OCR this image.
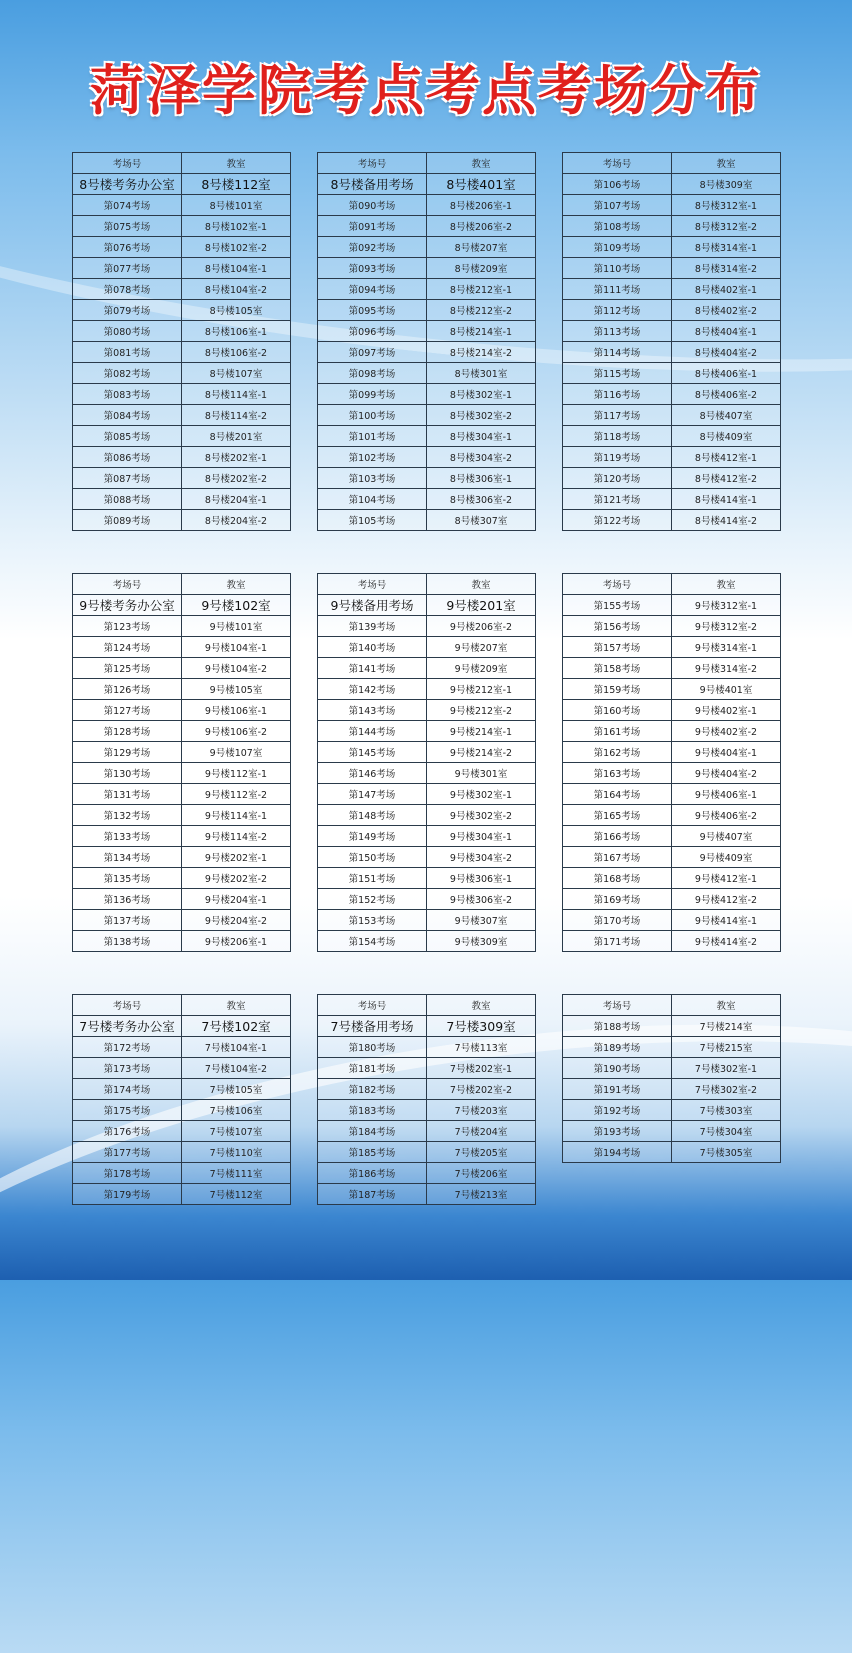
菏泽学院考点考点考场分布
考场号	教室
8号楼考务办公室	8号楼112室
第074考场	8号楼101室
第075考场	8号楼102室-1
第076考场	8号楼102室-2
第077考场	8号楼104室-1
第078考场	8号楼104室-2
第079考场	8号楼105室
第080考场	8号楼106室-1
第081考场	8号楼106室-2
第082考场	8号楼107室
第083考场	8号楼114室-1
第084考场	8号楼114室-2
第085考场	8号楼201室
第086考场	8号楼202室-1
第087考场	8号楼202室-2
第088考场	8号楼204室-1
第089考场	8号楼204室-2
考场号	教室
8号楼备用考场	8号楼401室
第090考场	8号楼206室-1
第091考场	8号楼206室-2
第092考场	8号楼207室
第093考场	8号楼209室
第094考场	8号楼212室-1
第095考场	8号楼212室-2
第096考场	8号楼214室-1
第097考场	8号楼214室-2
第098考场	8号楼301室
第099考场	8号楼302室-1
第100考场	8号楼302室-2
第101考场	8号楼304室-1
第102考场	8号楼304室-2
第103考场	8号楼306室-1
第104考场	8号楼306室-2
第105考场	8号楼307室
考场号	教室
第106考场	8号楼309室
第107考场	8号楼312室-1
第108考场	8号楼312室-2
第109考场	8号楼314室-1
第110考场	8号楼314室-2
第111考场	8号楼402室-1
第112考场	8号楼402室-2
第113考场	8号楼404室-1
第114考场	8号楼404室-2
第115考场	8号楼406室-1
第116考场	8号楼406室-2
第117考场	8号楼407室
第118考场	8号楼409室
第119考场	8号楼412室-1
第120考场	8号楼412室-2
第121考场	8号楼414室-1
第122考场	8号楼414室-2
考场号	教室
9号楼考务办公室	9号楼102室
第123考场	9号楼101室
第124考场	9号楼104室-1
第125考场	9号楼104室-2
第126考场	9号楼105室
第127考场	9号楼106室-1
第128考场	9号楼106室-2
第129考场	9号楼107室
第130考场	9号楼112室-1
第131考场	9号楼112室-2
第132考场	9号楼114室-1
第133考场	9号楼114室-2
第134考场	9号楼202室-1
第135考场	9号楼202室-2
第136考场	9号楼204室-1
第137考场	9号楼204室-2
第138考场	9号楼206室-1
考场号	教室
9号楼备用考场	9号楼201室
第139考场	9号楼206室-2
第140考场	9号楼207室
第141考场	9号楼209室
第142考场	9号楼212室-1
第143考场	9号楼212室-2
第144考场	9号楼214室-1
第145考场	9号楼214室-2
第146考场	9号楼301室
第147考场	9号楼302室-1
第148考场	9号楼302室-2
第149考场	9号楼304室-1
第150考场	9号楼304室-2
第151考场	9号楼306室-1
第152考场	9号楼306室-2
第153考场	9号楼307室
第154考场	9号楼309室
考场号	教室
第155考场	9号楼312室-1
第156考场	9号楼312室-2
第157考场	9号楼314室-1
第158考场	9号楼314室-2
第159考场	9号楼401室
第160考场	9号楼402室-1
第161考场	9号楼402室-2
第162考场	9号楼404室-1
第163考场	9号楼404室-2
第164考场	9号楼406室-1
第165考场	9号楼406室-2
第166考场	9号楼407室
第167考场	9号楼409室
第168考场	9号楼412室-1
第169考场	9号楼412室-2
第170考场	9号楼414室-1
第171考场	9号楼414室-2
考场号	教室
7号楼考务办公室	7号楼102室
第172考场	7号楼104室-1
第173考场	7号楼104室-2
第174考场	7号楼105室
第175考场	7号楼106室
第176考场	7号楼107室
第177考场	7号楼110室
第178考场	7号楼111室
第179考场	7号楼112室
考场号	教室
7号楼备用考场	7号楼309室
第180考场	7号楼113室
第181考场	7号楼202室-1
第182考场	7号楼202室-2
第183考场	7号楼203室
第184考场	7号楼204室
第185考场	7号楼205室
第186考场	7号楼206室
第187考场	7号楼213室
考场号	教室
第188考场	7号楼214室
第189考场	7号楼215室
第190考场	7号楼302室-1
第191考场	7号楼302室-2
第192考场	7号楼303室
第193考场	7号楼304室
第194考场	7号楼305室
